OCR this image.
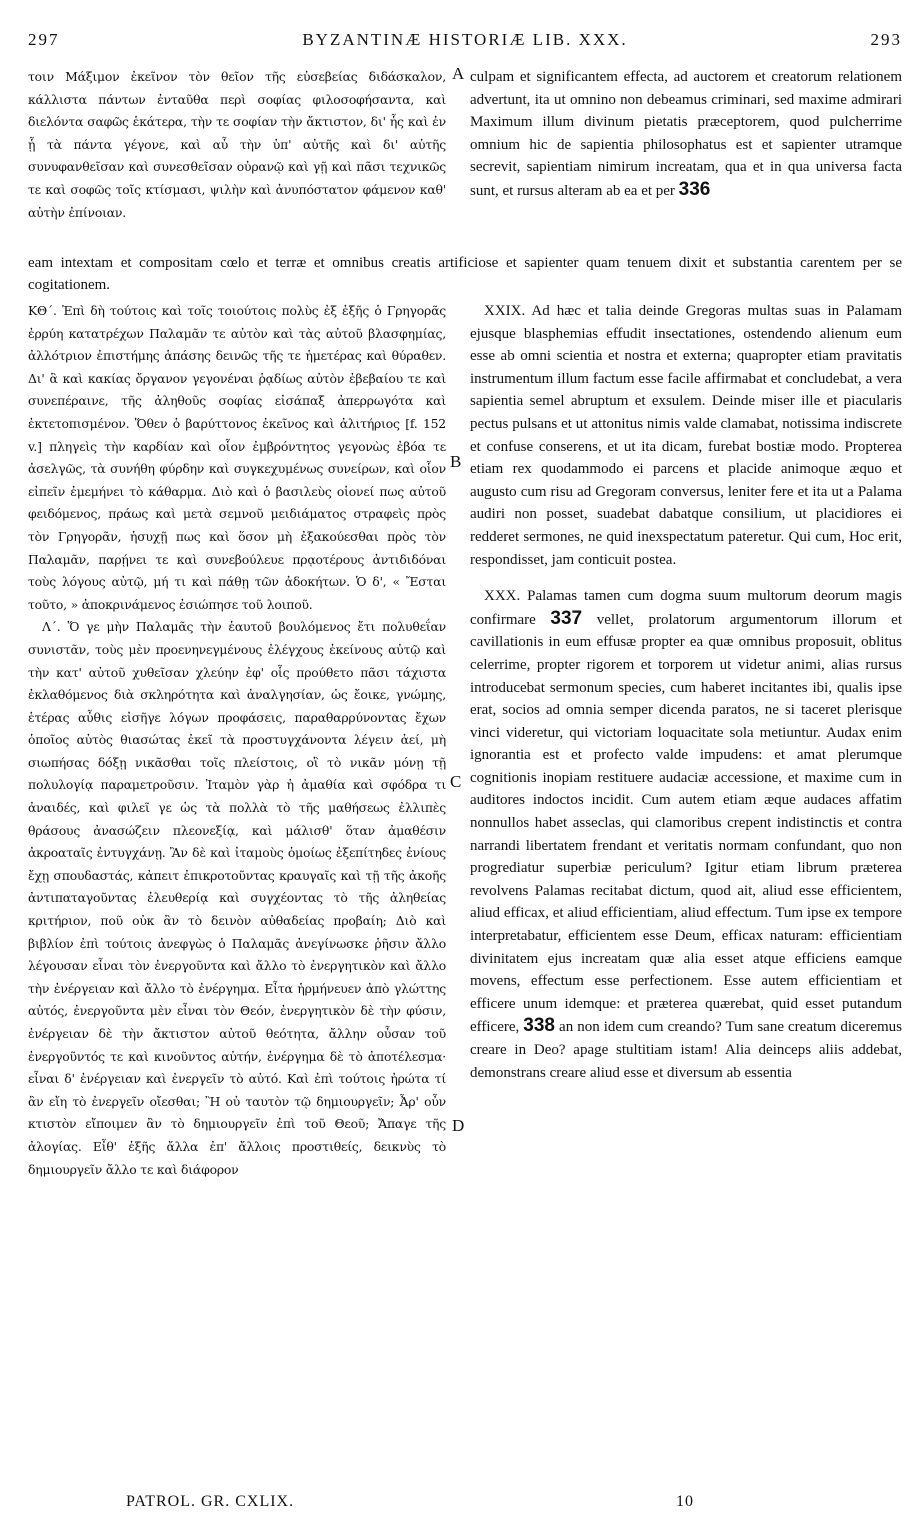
297	BYZANTINÆ HISTORIÆ LIB. XXX.	293

τοιν Μάξιμον ἐκεῖνον τὸν θεῖον τῆς εὐσεβείας διδάσκαλον, κάλλιστα πάντων ἐνταῦθα περὶ σοφίας φιλοσοφήσαντα, καὶ διελόντα σαφῶς ἑκάτερα, τὴν τε σοφίαν τὴν ἄκτιστον, δι' ἧς καὶ ἐν ᾗ τὰ πάντα γέγονε, καὶ αὖ τὴν ὑπ' αὐτῆς καὶ δι' αὐτῆς συνυφανθεῖσαν καὶ συνεσθεῖσαν οὐρανῷ καὶ γῇ καὶ πᾶσι τεχνικῶς τε καὶ σοφῶς τοῖς κτίσμασι, ψιλὴν καὶ ἀνυπόστατον φάμενον καθ' αὐτὴν ἐπίνοιαν.

A culpam et significantem effecta, ad auctorem et creatorum relationem advertunt, ita ut omnino non debeamus criminari, sed maxime admirari Maximum illum divinum pietatis præceptorem, quod pulcherrime omnium hic de sapientia philosophatus est et sapienter utramque secrevit, sapientiam nimirum increatam, qua et in qua universa facta sunt, et rursus alteram ab ea et per 336

eam intextam et compositam cœlo et terræ et omnibus creatis artificiose et sapienter quam tenuem dixit et substantia carentem per se cogitationem.

ΚΘ΄. Ἐπὶ δὴ τούτοις καὶ τοῖς τοιούτοις πολὺς ἐξ ἐξῆς ὁ Γρηγορᾶς ἐρρύη κατατρέχων Παλαμᾶν τε αὐτὸν καὶ τὰς αὐτοῦ βλασφημίας, ἀλλότριον ἐπιστήμης ἁπάσης δεινῶς τῆς τε ἡμετέρας καὶ θύραθεν. Δι' ἃ καὶ κακίας ὄργανον γεγονέναι ῥᾳδίως αὐτὸν ἐβεβαίου τε καὶ συνεπέραινε, τῆς ἀληθοῦς σοφίας εἰσάπαξ ἀπερρωγότα καὶ ἐκτετοπισμένον. Ὅθεν ὁ βαρύττονος ἐκεῖνος καὶ ἀλιτήριος [f. 152 v.] πληγεὶς τὴν καρδίαν καὶ οἷον ἐμβρόντητος γεγονὼς ἐβόα τε ἀσελγῶς, τὰ συνήθη φύρδην καὶ συγκεχυμένως συνείρων, καὶ οἷον εἰπεῖν ἐμεμήνει τὸ κάθαρμα. Διὸ καὶ ὁ βασιλεὺς οἱονεί πως αὐτοῦ φειδόμενος, πράως καὶ μετὰ σεμνοῦ μειδιάματος στραφεὶς πρὸς τὸν Γρηγορᾶν, ἡσυχῇ πως καὶ ὅσον μὴ ἐξακούεσθαι πρὸς τὸν Παλαμᾶν, παρῄνει τε καὶ συνεβούλευε πρᾳοτέρους ἀντιδιδόναι τοὺς λόγους αὐτῷ, μή τι καὶ πάθῃ τῶν ἀδοκήτων. Ὁ δ', « Ἔσται τοῦτο, » ἀποκρινάμενος ἐσιώπησε τοῦ λοιποῦ.

Λ΄. Ὅ γε μὴν Παλαμᾶς τὴν ἑαυτοῦ βουλόμενος ἔτι πολυθεΐαν συνιστᾶν, τοὺς μὲν προενηνεγμένους ἐλέγχους ἐκείνους αὐτῷ καὶ τὴν κατ' αὐτοῦ χυθεῖσαν χλεύην ἐφ' οἷς προύθετο πᾶσι τάχιστα ἐκλαθόμενος διὰ σκληρότητα καὶ ἀναλγησίαν, ὡς ἔοικε, γνώμης, ἑτέρας αὖθις εἰσῆγε λόγων προφάσεις, παραθαρρύνοντας ἔχων ὁποῖος αὐτὸς θιασώτας ἐκεῖ τὰ προστυγχάνοντα λέγειν ἀεί, μὴ σιωπήσας δόξῃ νικᾶσθαι τοῖς πλείστοις, οἳ τὸ νικᾶν μόνῃ τῇ πολυλογίᾳ παραμετροῦσιν. Ἰταμὸν γὰρ ἡ ἀμαθία καὶ σφόδρα τι ἀναιδές, καὶ φιλεῖ γε ὡς τὰ πολλὰ τὸ τῆς μαθήσεως ἐλλιπὲς θράσους ἀνασώζειν πλεονεξίᾳ, καὶ μάλισθ' ὅταν ἀμαθέσιν ἀκροαταῖς ἐντυγχάνῃ. Ἂν δὲ καὶ ἰταμοὺς ὁμοίως ἐξεπίτηδες ἐνίους ἔχῃ σπουδαστάς, κἀπειτ ἐπικροτοῦντας κραυγαῖς καὶ τῇ τῆς ἀκοῆς ἀντιπαταγοῦντας ἐλευθερίᾳ καὶ συγχέοντας τὸ τῆς ἀληθείας κριτήριον, ποῦ οὐκ ἂν τὸ δεινὸν αὐθαδείας προβαίη; Διὸ καὶ βιβλίον ἐπὶ τούτοις ἀνεφγὼς ὁ Παλαμᾶς ἀνεγίνωσκε ῥῆσιν ἄλλο λέγουσαν εἶναι τὸν ἐνεργοῦντα καὶ ἄλλο τὸ ἐνεργητικὸν καὶ ἄλλο τὴν ἐνέργειαν καὶ ἄλλο τὸ ἐνέργημα. Εἶτα ἡρμήνευεν ἀπὸ γλώττης αὐτός, ἐνεργοῦντα μὲν εἶναι τὸν Θεόν, ἐνεργητικὸν δὲ τὴν φύσιν, ἐνέργειαν δὲ τὴν ἄκτιστον αὐτοῦ θεότητα, ἄλλην οὖσαν τοῦ ἐνεργοῦντός τε καὶ κινοῦντος αὐτήν, ἐνέργημα δὲ τὸ ἀποτέλεσμα· εἶναι δ' ἐνέργειαν καὶ ἐνεργεῖν τὸ αὐτό. Καὶ ἐπὶ τούτοις ἠρώτα τί ἂν εἴη τὸ ἐνεργεῖν οἴεσθαι; Ἢ οὐ ταυτὸν τῷ δημιουργεῖν; Ἆρ' οὖν κτιστὸν εἴποιμεν ἂν τὸ δημιουργεῖν ἐπὶ τοῦ Θεοῦ; Ἄπαγε τῆς ἀλογίας. Εἶθ' ἑξῆς ἄλλα ἐπ' ἄλλοις προστιθείς, δεικνὺς τὸ δημιουργεῖν ἄλλο τε καὶ διάφορον

B
C
D

XXIX. Ad hæc et talia deinde Gregoras multas suas in Palamam ejusque blasphemias effudit insectationes, ostendendo alienum eum esse ab omni scientia et nostra et externa; quapropter etiam pravitatis instrumentum illum factum esse facile affirmabat et concludebat, a vera sapientia semel abruptum et exsulem. Deinde miser ille et piacularis pectus pulsans et ut attonitus nimis valde clamabat, notissima indiscrete et confuse conserens, et ut ita dicam, furebat bostiæ modo. Propterea etiam rex quodammodo ei parcens et placide animoque æquo et augusto cum risu ad Gregoram conversus, leniter fere et ita ut a Palama audiri non posset, suadebat dabatque consilium, ut placidiores ei redderet sermones, ne quid inexspectatum pateretur. Qui cum, Hoc erit, respondisset, jam conticuit postea.

XXX. Palamas tamen cum dogma suum multorum deorum magis confirmare 337 vellet, prolatorum argumentorum illorum et cavillationis in eum effusæ propter ea quæ omnibus proposuit, oblitus celerrime, propter rigorem et torporem ut videtur animi, alias rursus introducebat sermonum species, cum haberet incitantes ibi, qualis ipse erat, socios ad omnia semper dicenda paratos, ne si taceret plerisque vinci videretur, qui victoriam loquacitate sola metiuntur. Audax enim ignorantia est et profecto valde impudens: et amat plerumque cognitionis inopiam restituere audaciæ accessione, et maxime cum in auditores indoctos incidit. Cum autem etiam æque audaces affatim nonnullos habet asseclas, qui clamoribus crepent indistinctis et contra narrandi libertatem frendant et veritatis normam confundant, quo non progrediatur superbiæ periculum? Igitur etiam librum præterea revolvens Palamas recitabat dictum, quod ait, aliud esse efficientem, aliud efficax, et aliud efficientiam, aliud effectum. Tum ipse ex tempore interpretabatur, efficientem esse Deum, efficax naturam: efficientiam divinitatem ejus increatam quæ alia esset atque efficiens eamque movens, effectum esse perfectionem. Esse autem efficientiam et efficere unum idemque: et præterea quærebat, quid esset putandum efficere, 338 an non idem cum creando? Tum sane creatum diceremus creare in Deo? apage stultitiam istam! Alia deinceps aliis addebat, demonstrans creare aliud esse et diversum ab essentia

PATROL. GR. CXLIX.	10
